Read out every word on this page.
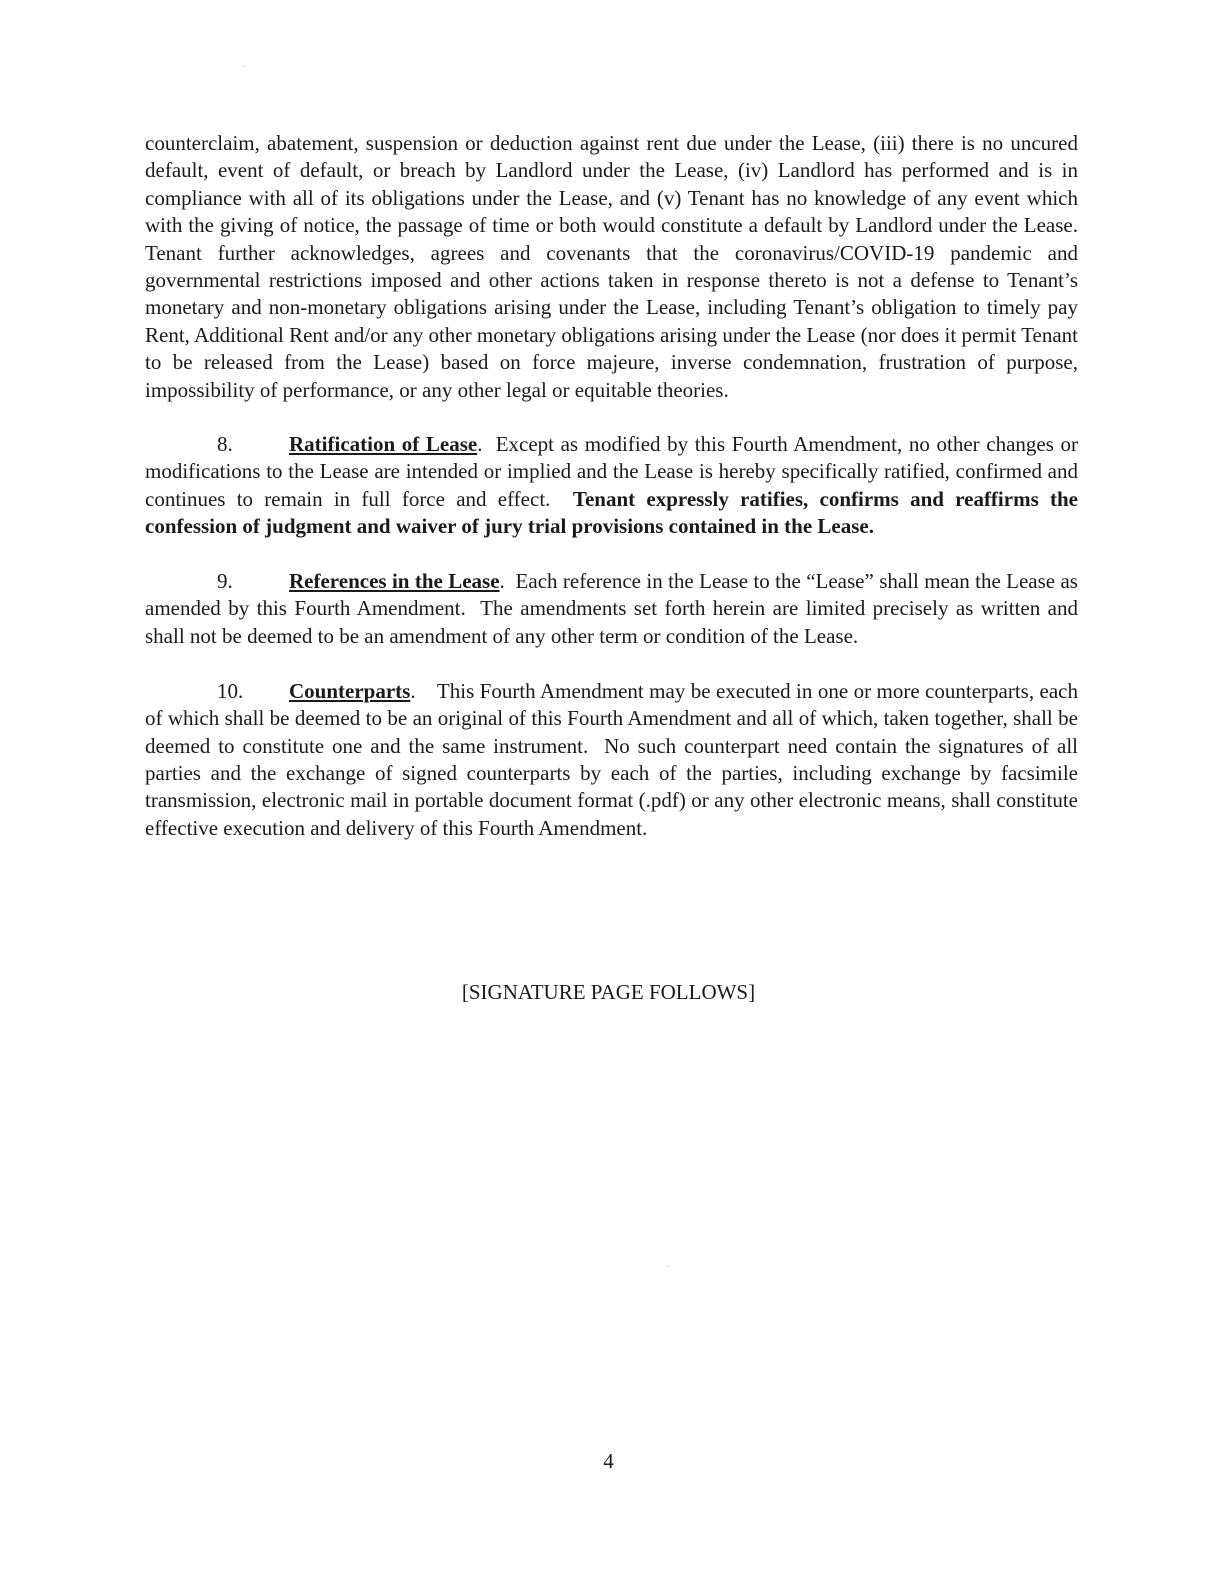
counterclaim, abatement, suspension or deduction against rent due under the Lease, (iii) there is no uncured default, event of default, or breach by Landlord under the Lease, (iv) Landlord has performed and is in compliance with all of its obligations under the Lease, and (v) Tenant has no knowledge of any event which with the giving of notice, the passage of time or both would constitute a default by Landlord under the Lease. Tenant further acknowledges, agrees and covenants that the coronavirus/COVID-19 pandemic and governmental restrictions imposed and other actions taken in response thereto is not a defense to Tenant’s monetary and non-monetary obligations arising under the Lease, including Tenant’s obligation to timely pay Rent, Additional Rent and/or any other monetary obligations arising under the Lease (nor does it permit Tenant to be released from the Lease) based on force majeure, inverse condemnation, frustration of purpose, impossibility of performance, or any other legal or equitable theories.

8.	Ratification of Lease.  Except as modified by this Fourth Amendment, no other changes or modifications to the Lease are intended or implied and the Lease is hereby specifically ratified, confirmed and continues to remain in full force and effect.  Tenant expressly ratifies, confirms and reaffirms the confession of judgment and waiver of jury trial provisions contained in the Lease.

9.	References in the Lease.  Each reference in the Lease to the “Lease” shall mean the Lease as amended by this Fourth Amendment.  The amendments set forth herein are limited precisely as written and shall not be deemed to be an amendment of any other term or condition of the Lease.

10. Counterparts.    This Fourth Amendment may be executed in one or more counterparts, each of which shall be deemed to be an original of this Fourth Amendment and all of which, taken together, shall be deemed to constitute one and the same instrument.  No such counterpart need contain the signatures of all parties and the exchange of signed counterparts by each of the parties, including exchange by facsimile transmission, electronic mail in portable document format (.pdf) or any other electronic means, shall constitute effective execution and delivery of this Fourth Amendment.

[SIGNATURE PAGE FOLLOWS]
4
